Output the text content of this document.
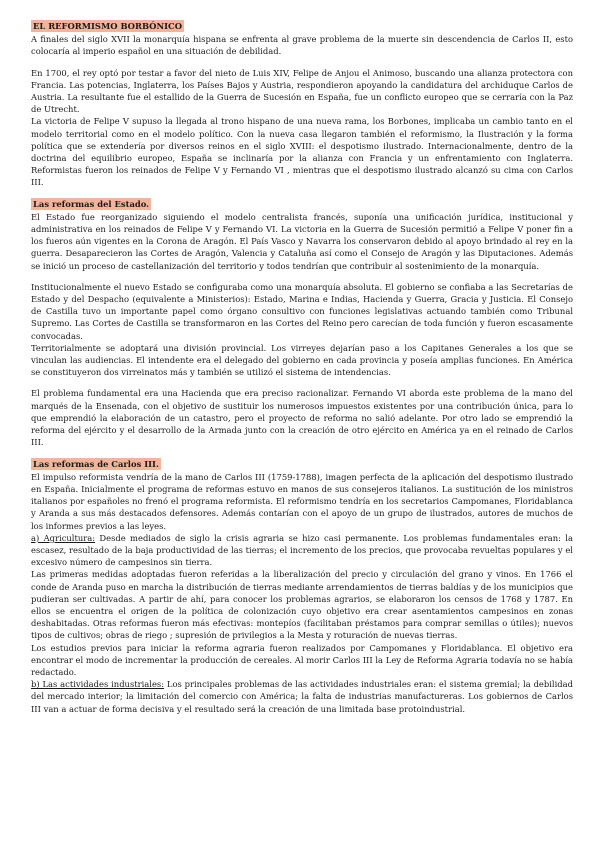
EL REFORMISMO BORBÓNICO

A finales del siglo XVII la monarquía hispana se enfrenta al grave problema de la muerte sin descendencia de Carlos II, esto colocaría al imperio español en una situación de debilidad.

En 1700, el rey optó por testar a favor del nieto de Luis XIV, Felipe de Anjou el Animoso, buscando una alianza protectora con Francia. Las potencias, Inglaterra, los Países Bajos y Austria, respondieron apoyando la candidatura del archiduque Carlos de Austria. La resultante fue el estallido de la Guerra de Sucesión en España, fue un conflicto europeo que se cerraría con la Paz de Utrecht.

La victoria de Felipe V supuso la llegada al trono hispano de una nueva rama, los Borbones, implicaba un cambio tanto en el modelo territorial como en el modelo político. Con la nueva casa llegaron también el reformismo, la Ilustración y la forma política que se extendería por diversos reinos en el siglo XVIII: el despotismo ilustrado. Internacionalmente, dentro de la doctrina del equilibrio europeo, España se inclinaría por la alianza con Francia y un enfrentamiento con Inglaterra. Reformistas fueron los reinados de Felipe V y Fernando VI , mientras que el despotismo ilustrado alcanzó su cima con Carlos III.

Las reformas del Estado.

El Estado fue reorganizado siguiendo el modelo centralista francés, suponía una unificación jurídica, institucional y administrativa en los reinados de Felipe V y Fernando VI. La victoria en la Guerra de Sucesión permitió a Felipe V poner fin a los fueros aún vigentes en la Corona de Aragón. El País Vasco y Navarra los conservaron debido al apoyo brindado al rey en la guerra. Desaparecieron las Cortes de Aragón, Valencia y Cataluña así como el Consejo de Aragón y las Diputaciones. Además se inició un proceso de castellanización del territorio y todos tendrían que contribuir al sostenimiento de la monarquía.

Institucionalmente el nuevo Estado se configuraba como una monarquía absoluta. El gobierno se confiaba a las Secretarías de Estado y del Despacho (equivalente a Ministerios): Estado, Marina e Indias, Hacienda y Guerra, Gracia y Justicia. El Consejo de Castilla tuvo un importante papel como órgano consultivo con funciones legislativas actuando también como Tribunal Supremo. Las Cortes de Castilla se transformaron en las Cortes del Reino pero carecían de toda función y fueron escasamente convocadas.

Territorialmente se adoptará una división provincial. Los virreyes dejarían paso a los Capitanes Generales a los que se vinculan las audiencias. El intendente era el delegado del gobierno en cada provincia y poseía amplias funciones. En América se constituyeron dos virreinatos más y también se utilizó el sistema de intendencias.

El problema fundamental era una Hacienda que era preciso racionalizar. Fernando VI aborda este problema de la mano del marqués de la Ensenada, con el objetivo de sustituir los numerosos impuestos existentes por una contribución única, para lo que emprendió la elaboración de un catastro, pero el proyecto de reforma no salió adelante. Por otro lado se emprendió la reforma del ejército y el desarrollo de la Armada junto con la creación de otro ejército en América ya en el reinado de Carlos III.

Las reformas de Carlos III.

El impulso reformista vendría de la mano de Carlos III (1759-1788), imagen perfecta de la aplicación del despotismo ilustrado en España. Inicialmente el programa de reformas estuvo en manos de sus consejeros italianos. La sustitución de los ministros italianos por españoles no frenó el programa reformista. El reformismo tendría en los secretarios Campomanes, Floridablanca y Aranda a sus más destacados defensores. Además contarían con el apoyo de un grupo de ilustrados, autores de muchos de los informes previos a las leyes.

a) Agricultura: Desde mediados de siglo la crisis agraria se hizo casi permanente. Los problemas fundamentales eran: la escasez, resultado de la baja productividad de las tierras; el incremento de los precios, que provocaba revueltas populares y el excesivo número de campesinos sin tierra.

Las primeras medidas adoptadas fueron referidas a la liberalización del precio y circulación del grano y vinos. En 1766 el conde de Aranda puso en marcha la distribución de tierras mediante arrendamientos de tierras baldías y de los municipios que pudieran ser cultivadas. A partir de ahí, para conocer los problemas agrarios, se elaboraron los censos de 1768 y 1787. En ellos se encuentra el origen de la política de colonización cuyo objetivo era crear asentamientos campesinos en zonas deshabitadas. Otras reformas fueron más efectivas: montepíos (facilitaban préstamos para comprar semillas o útiles); nuevos tipos de cultivos; obras de riego ; supresión de privilegios a la Mesta y roturación de nuevas tierras.

Los estudios previos para iniciar la reforma agraria fueron realizados por Campomanes y Floridablanca. El objetivo era encontrar el modo de incrementar la producción de cereales. Al morir Carlos III la Ley de Reforma Agraria todavía no se había redactado.

b) Las actividades industriales: Los principales problemas de las actividades industriales eran: el sistema gremial; la debilidad del mercado interior; la limitación del comercio con América; la falta de industrias manufactureras. Los gobiernos de Carlos III van a actuar de forma decisiva y el resultado será la creación de una limitada base protoindustrial.
